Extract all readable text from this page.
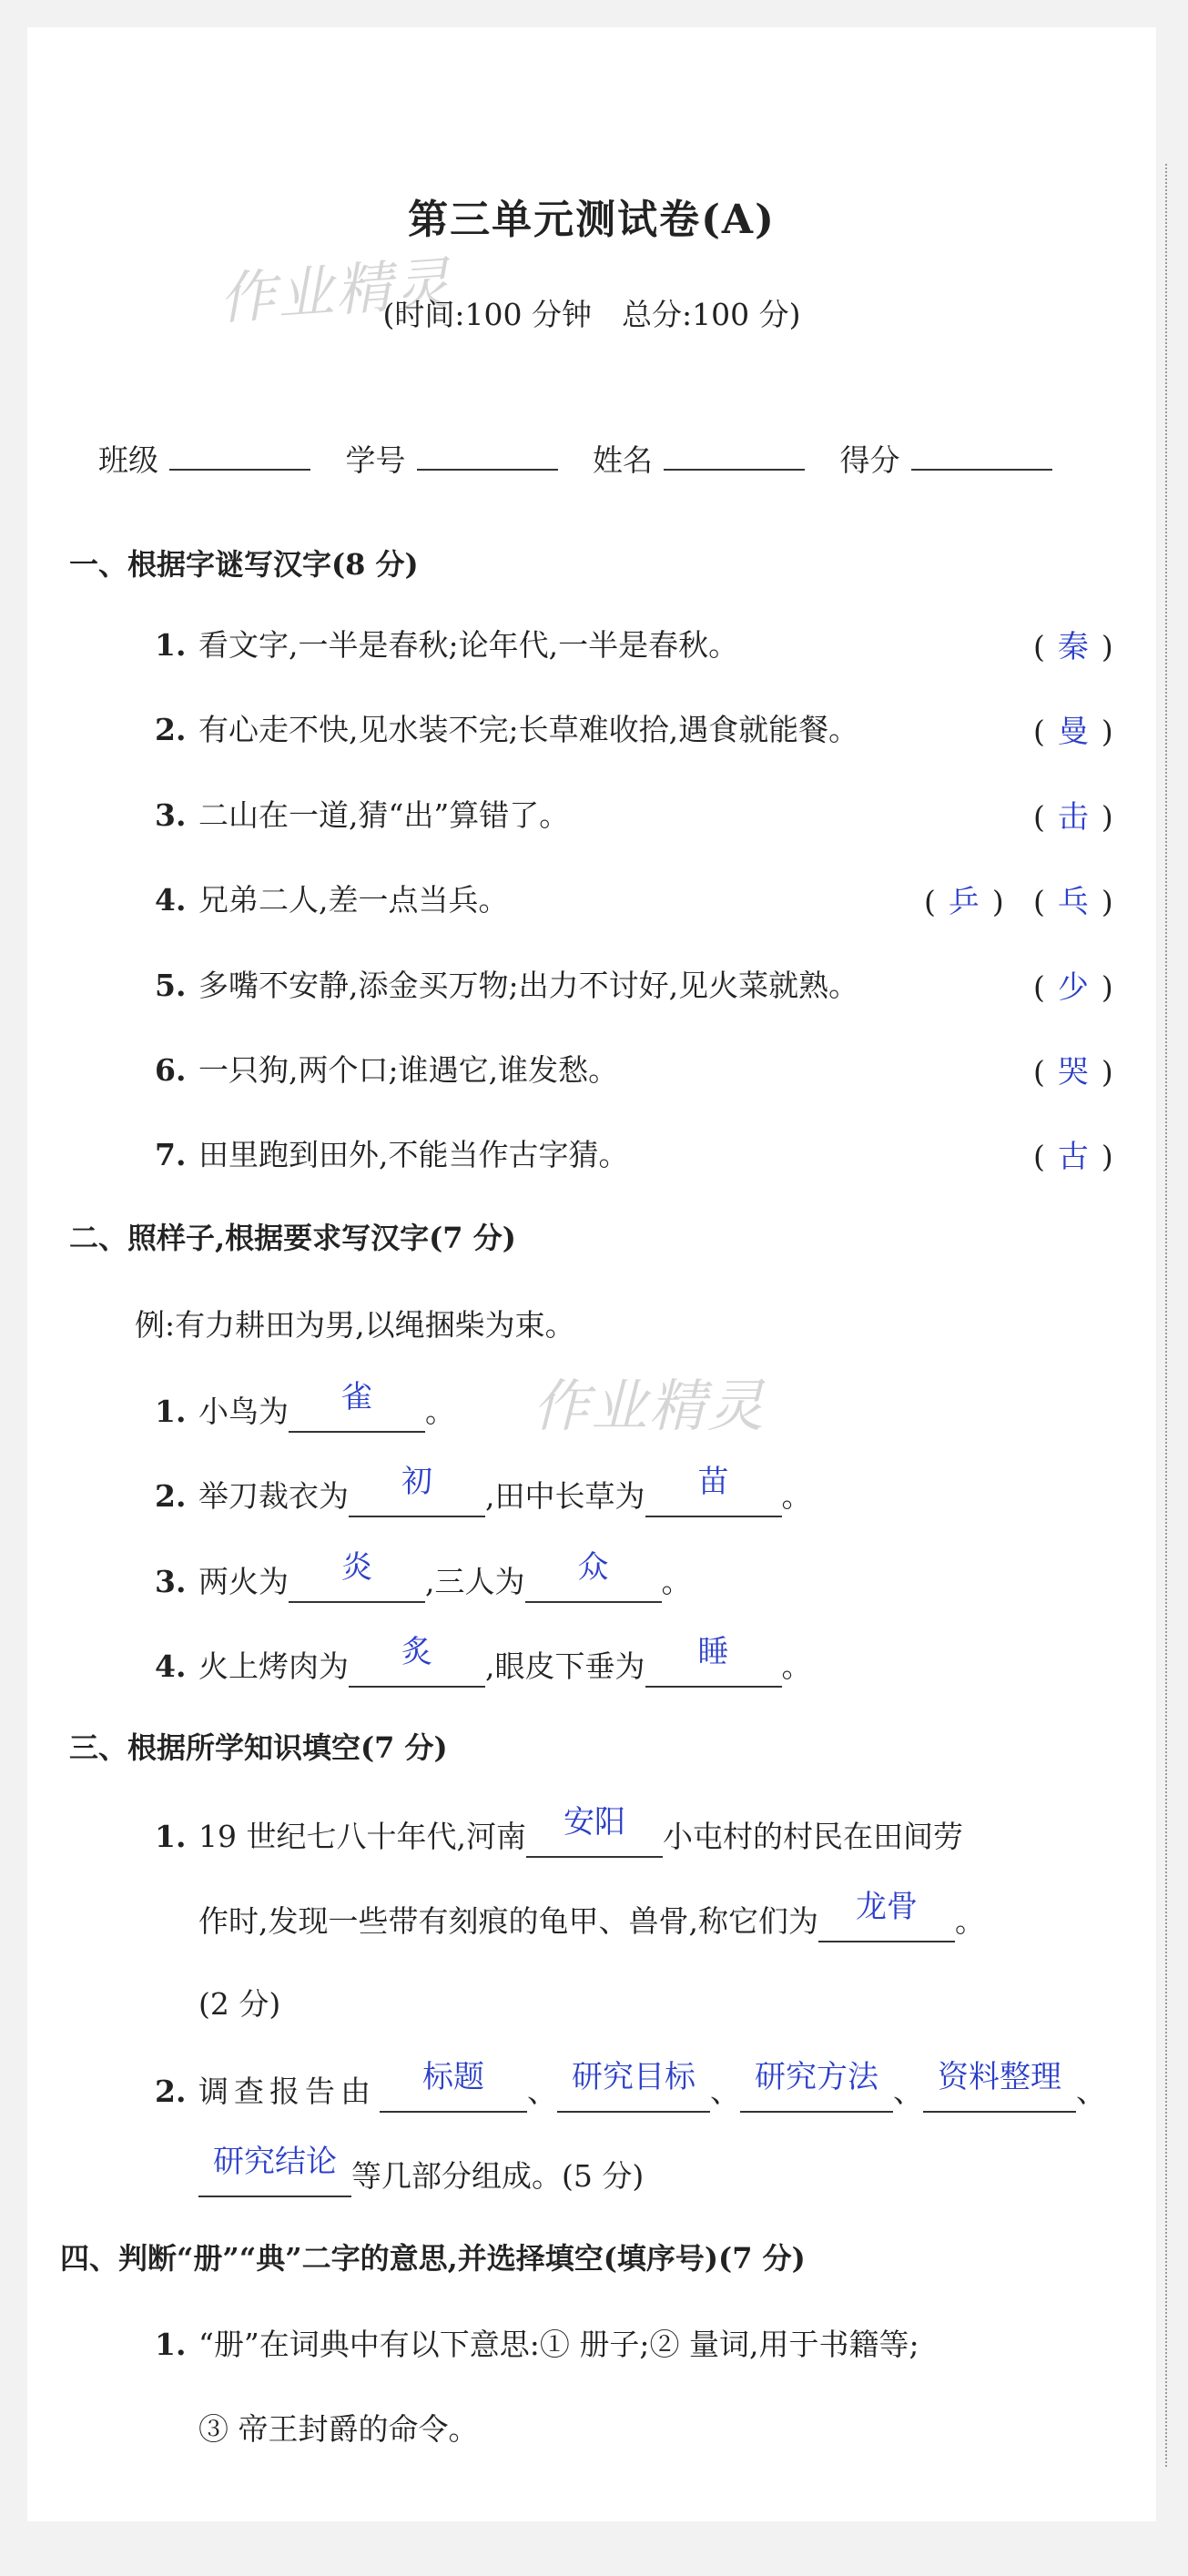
作业精灵
作业精灵
第三单元测试卷(A)
(时间:100 分钟　总分:100 分)
班级	学号	姓名	得分
一、根据字谜写汉字(8 分)
1. 看文字,一半是春秋;论年代,一半是春秋。	( 秦 )
2. 有心走不快,见水装不完;长草难收拾,遇食就能餐。	( 曼 )
3. 二山在一道,猜“出”算错了。	( 击 )
4. 兄弟二人,差一点当兵。	( 乒 ) ( 乓 )
5. 多嘴不安静,添金买万物;出力不讨好,见火菜就熟。	( 少 )
6. 一只狗,两个口;谁遇它,谁发愁。	( 哭 )
7. 田里跑到田外,不能当作古字猜。	( 古 )
二、照样子,根据要求写汉字(7 分)
例:有力耕田为男,以绳捆柴为束。
1. 小鸟为 雀 。
2. 举刀裁衣为 初 ,田中长草为 苗 。
3. 两火为 炎 ,三人为 众 。
4. 火上烤肉为 炙 ,眼皮下垂为 睡 。
三、根据所学知识填空(7 分)
1. 19 世纪七八十年代,河南 安阳 小屯村的村民在田间劳
作时,发现一些带有刻痕的龟甲、兽骨,称它们为 龙骨 。
(2 分)
2. 调查报告由 标题 、 研究目标 、 研究方法 、 资料整理 、
研究结论 等几部分组成。(5 分)
四、判断“册”“典”二字的意思,并选择填空(填序号)(7 分)
1. “册”在词典中有以下意思:① 册子;② 量词,用于书籍等;
③ 帝王封爵的命令。
